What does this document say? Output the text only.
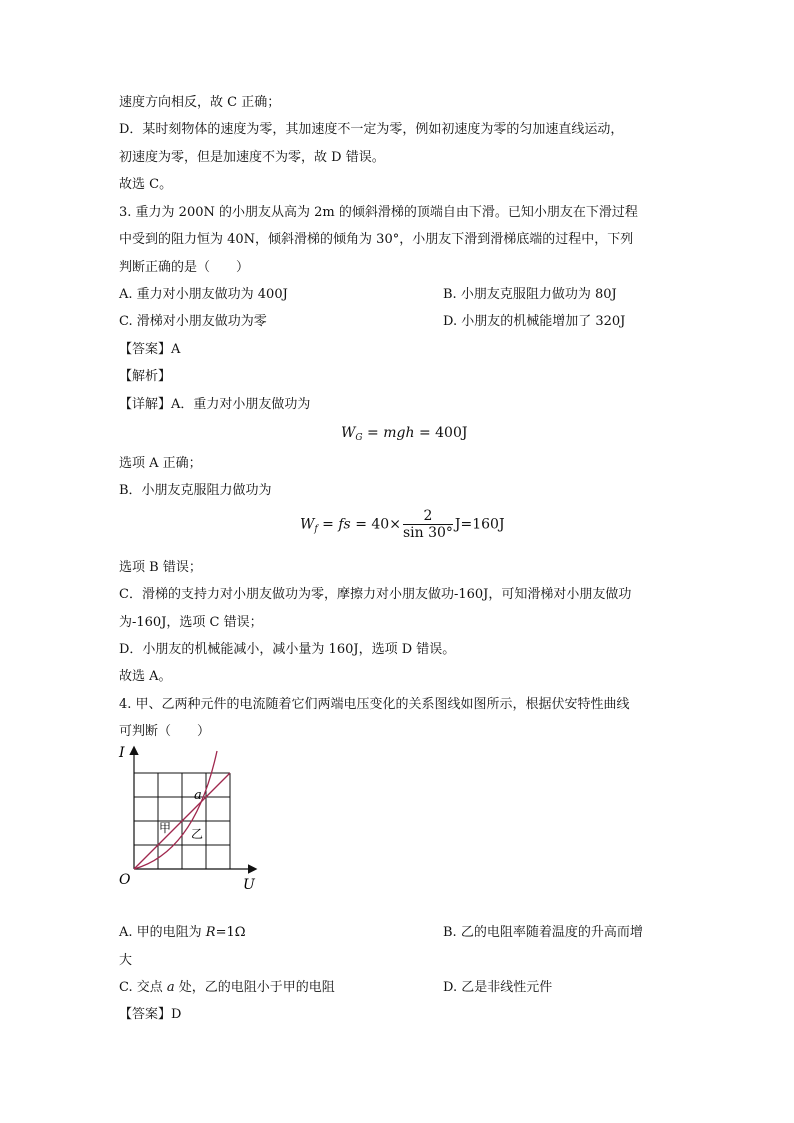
速度方向相反，故 C 正确；
D．某时刻物体的速度为零，其加速度不一定为零，例如初速度为零的匀加速直线运动，
初速度为零，但是加速度不为零，故 D 错误。
故选 C。
3. 重力为 200N 的小朋友从高为 2m 的倾斜滑梯的顶端自由下滑。已知小朋友在下滑过程
中受到的阻力恒为 40N，倾斜滑梯的倾角为 30°，小朋友下滑到滑梯底端的过程中，下列
判断正确的是（　　）
A. 重力对小朋友做功为 400J	B. 小朋友克服阻力做功为 80J
C. 滑梯对小朋友做功为零	D. 小朋友的机械能增加了 320J
【答案】A
【解析】
【详解】A．重力对小朋友做功为
$W_G$ = mgh = 400J
选项 A 正确；
B．小朋友克服阻力做功为
$W_f$ = fs = $40\times \frac{2}{\sin 30^\circ} J=160J$
选项 B 错误；
C．滑梯的支持力对小朋友做功为零，摩擦力对小朋友做功-160J，可知滑梯对小朋友做功
为-160J，选项 C 错误；
D．小朋友的机械能减小，减小量为 160J，选项 D 错误。
故选 A。
4. 甲、乙两种元件的电流随着它们两端电压变化的关系图线如图所示，根据伏安特性曲线
可判断（　　）
I
U
O
a
甲 乙
A. 甲的电阻为 R=1Ω	B. 乙的电阻率随着温度的升高而增
大
C. 交点 a 处，乙的电阻小于甲的电阻	D. 乙是非线性元件
【答案】D
